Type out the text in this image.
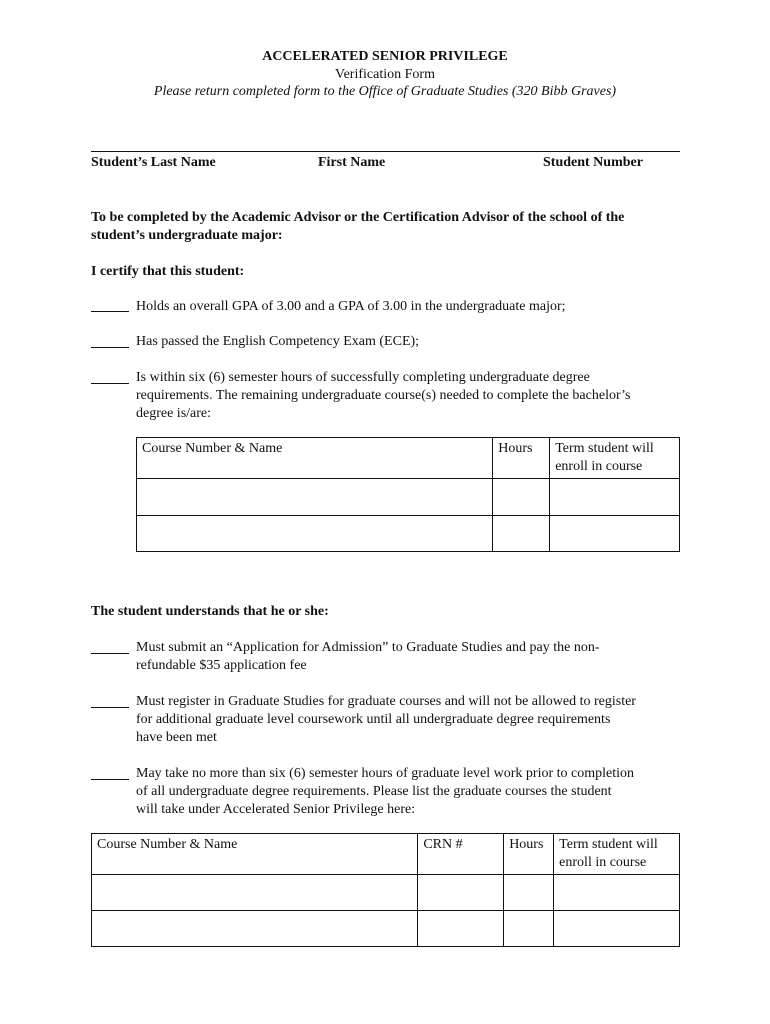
ACCELERATED SENIOR PRIVILEGE
Verification Form
Please return completed form to the Office of Graduate Studies (320 Bibb Graves)
Student’s Last Name	First Name	Student Number
To be completed by the Academic Advisor or the Certification Advisor of the school of the
student’s undergraduate major:
I certify that this student:
Holds an overall GPA of 3.00 and a GPA of 3.00 in the undergraduate major;
Has passed the English Competency Exam (ECE);
Is within six (6) semester hours of successfully completing undergraduate degree
requirements. The remaining undergraduate course(s) needed to complete the bachelor’s
degree is/are:
Course Number & Name	Hours	Term student will
enroll in course

The student understands that he or she:
Must submit an “Application for Admission” to Graduate Studies and pay the non-
refundable $35 application fee
Must register in Graduate Studies for graduate courses and will not be allowed to register
for additional graduate level coursework until all undergraduate degree requirements
have been met
May take no more than six (6) semester hours of graduate level work prior to completion
of all undergraduate degree requirements. Please list the graduate courses the student
will take under Accelerated Senior Privilege here:
Course Number & Name	CRN #	Hours	Term student will
enroll in course
